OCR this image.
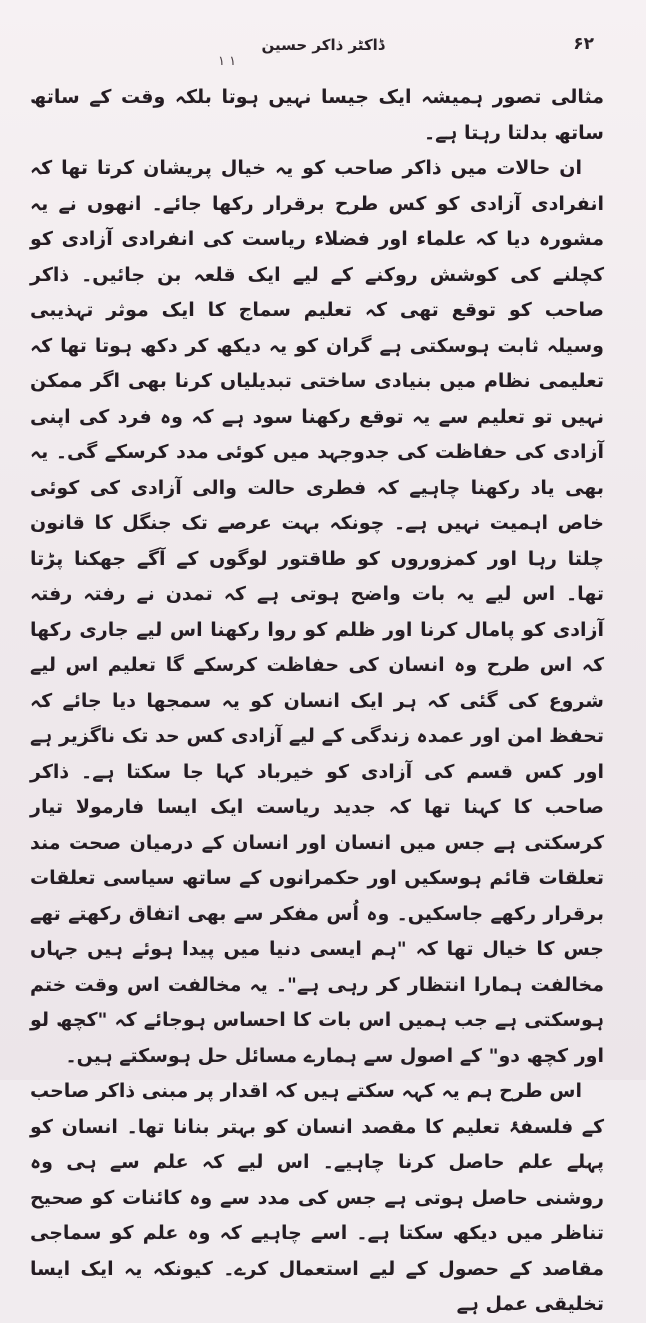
۶۲
ڈاکٹر ذاکر حسین
١ ١

مثالی تصور ہمیشہ ایک جیسا نہیں ہوتا بلکہ وقت کے ساتھ ساتھ بدلتا رہتا ہے۔

ان حالات میں ذاکر صاحب کو یہ خیال پریشان کرتا تھا کہ انفرادی آزادی کو کس طرح برقرار رکھا جائے۔ انھوں نے یہ مشورہ دیا کہ علماء اور فضلاء ریاست کی انفرادی آزادی کو کچلنے کی کوشش روکنے کے لیے ایک قلعہ بن جائیں۔ ذاکر صاحب کو توقع تھی کہ تعلیم سماج کا ایک موثر تہذیبی وسیلہ ثابت ہوسکتی ہے گران کو یہ دیکھ کر دکھ ہوتا تھا کہ تعلیمی نظام میں بنیادی ساختی تبدیلیاں کرنا بھی اگر ممکن نہیں تو تعلیم سے یہ توقع رکھنا سود ہے کہ وہ فرد کی اپنی آزادی کی حفاظت کی جدوجہد میں کوئی مدد کرسکے گی۔ یہ بھی یاد رکھنا چاہیے کہ فطری حالت والی آزادی کی کوئی خاص اہمیت نہیں ہے۔ چونکہ بہت عرصے تک جنگل کا قانون چلتا رہا اور کمزوروں کو طاقتور لوگوں کے آگے جھکنا پڑتا تھا۔ اس لیے یہ بات واضح ہوتی ہے کہ تمدن نے رفتہ رفتہ آزادی کو پامال کرنا اور ظلم کو روا رکھنا اس لیے جاری رکھا کہ اس طرح وہ انسان کی حفاظت کرسکے گا تعلیم اس لیے شروع کی گئی کہ ہر ایک انسان کو یہ سمجھا دیا جائے کہ تحفظ امن اور عمدہ زندگی کے لیے آزادی کس حد تک ناگزیر ہے اور کس قسم کی آزادی کو خیرباد کہا جا سکتا ہے۔ ذاکر صاحب کا کہنا تھا کہ جدید ریاست ایک ایسا فارمولا تیار کرسکتی ہے جس میں انسان اور انسان کے درمیان صحت مند تعلقات قائم ہوسکیں اور حکمرانوں کے ساتھ سیاسی تعلقات برقرار رکھے جاسکیں۔ وہ اُس مفکر سے بھی اتفاق رکھتے تھے جس کا خیال تھا کہ "ہم ایسی دنیا میں پیدا ہوئے ہیں جہاں مخالفت ہمارا انتظار کر رہی ہے"۔ یہ مخالفت اس وقت ختم ہوسکتی ہے جب ہمیں اس بات کا احساس ہوجائے کہ "کچھ لو اور کچھ دو" کے اصول سے ہمارے مسائل حل ہوسکتے ہیں۔

اس طرح ہم یہ کہہ سکتے ہیں کہ اقدار پر مبنی ذاکر صاحب کے فلسفۂ تعلیم کا مقصد انسان کو بہتر بنانا تھا۔ انسان کو پہلے علم حاصل کرنا چاہیے۔ اس لیے کہ علم سے ہی وہ روشنی حاصل ہوتی ہے جس کی مدد سے وہ کائنات کو صحیح تناظر میں دیکھ سکتا ہے۔ اسے چاہیے کہ وہ علم کو سماجی مقاصد کے حصول کے لیے استعمال کرے۔ کیونکہ یہ ایک ایسا تخلیقی عمل ہے
